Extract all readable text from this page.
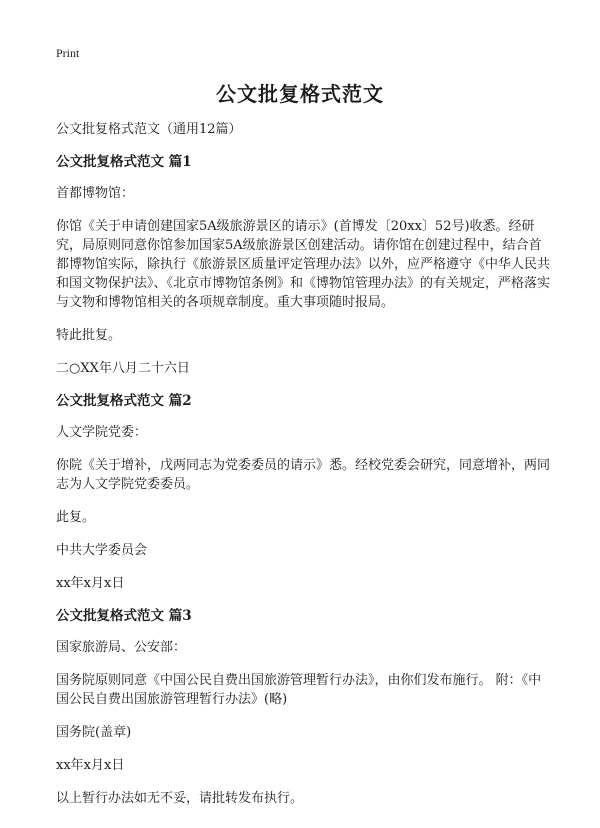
Print
公文批复格式范文

公文批复格式范文（通用12篇）

公文批复格式范文 篇1

首都博物馆：

你馆《关于申请创建国家5A级旅游景区的请示》(首博发〔20xx〕52号)收悉。经研究，局原则同意你馆参加国家5A级旅游景区创建活动。请你馆在创建过程中，结合首都博物馆实际，除执行《旅游景区质量评定管理办法》以外，应严格遵守《中华人民共和国文物保护法》、《北京市博物馆条例》和《博物馆管理办法》的有关规定，严格落实与文物和博物馆相关的各项规章制度。重大事项随时报局。

特此批复。

二○XX年八月二十六日

公文批复格式范文 篇2

人文学院党委：

你院《关于增补，戊两同志为党委委员的请示》悉。经校党委会研究，同意增补，两同志为人文学院党委委员。

此复。

中共大学委员会

xx年x月x日

公文批复格式范文 篇3

国家旅游局、公安部：

国务院原则同意《中国公民自费出国旅游管理暂行办法》，由你们发布施行。 附：《中国公民自费出国旅游管理暂行办法》(略)

国务院(盖章)

xx年x月x日

以上暂行办法如无不妥，请批转发布执行。
